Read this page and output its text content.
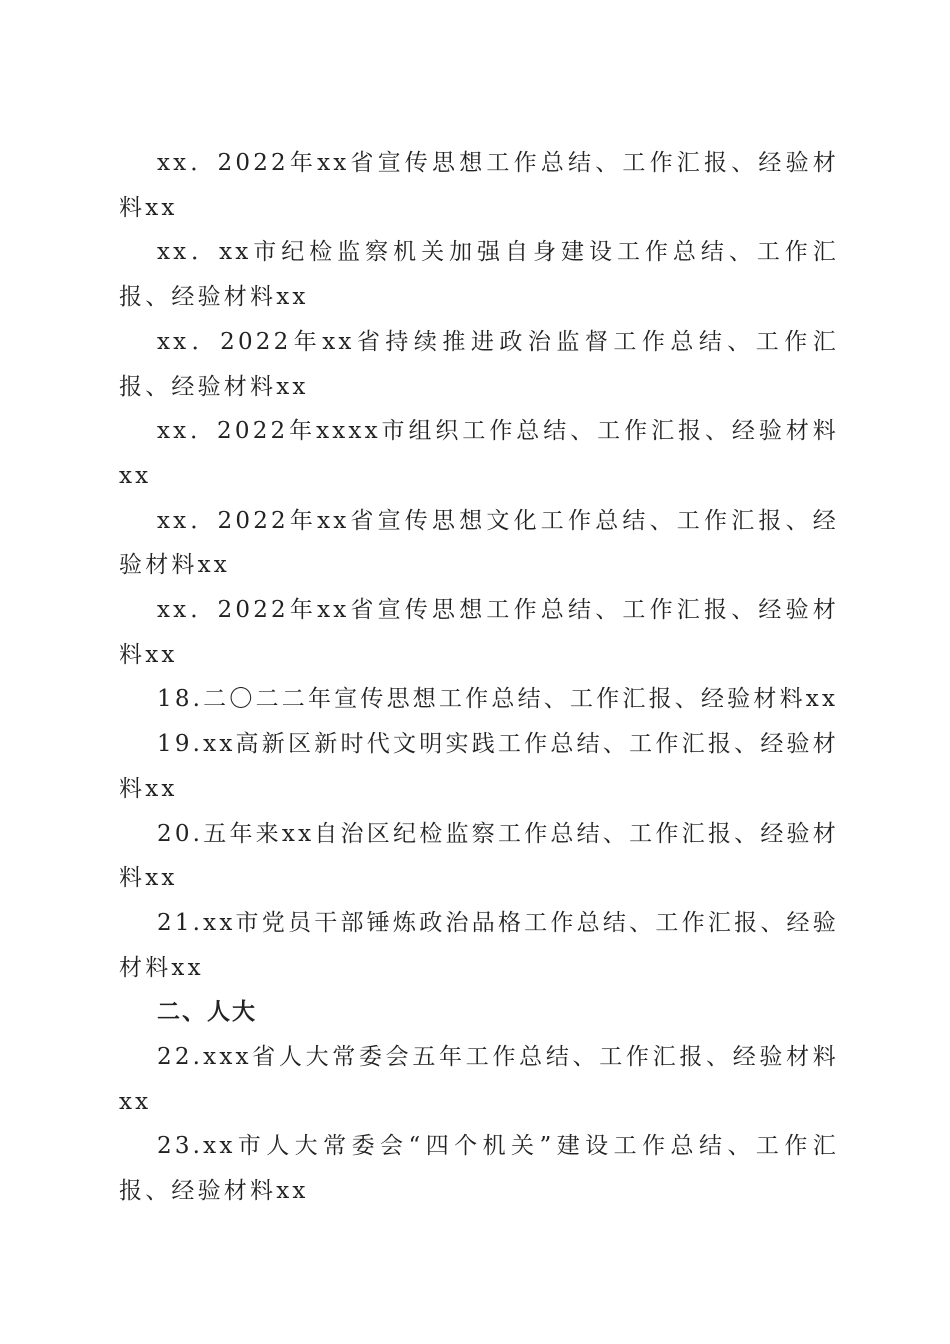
xx．2022年xx省宣传思想工作总结、工作汇报、经验材料xx

xx．xx市纪检监察机关加强自身建设工作总结、工作汇报、经验材料xx

xx．2022年xx省持续推进政治监督工作总结、工作汇报、经验材料xx

xx．2022年xxxx市组织工作总结、工作汇报、经验材料xx

xx．2022年xx省宣传思想文化工作总结、工作汇报、经验材料xx

xx．2022年xx省宣传思想工作总结、工作汇报、经验材料xx

18.二〇二二年宣传思想工作总结、工作汇报、经验材料xx

19.xx高新区新时代文明实践工作总结、工作汇报、经验材料xx

20.五年来xx自治区纪检监察工作总结、工作汇报、经验材料xx

21.xx市党员干部锤炼政治品格工作总结、工作汇报、经验材料xx

二、人大

22.xxx省人大常委会五年工作总结、工作汇报、经验材料xx

23.xx市人大常委会“四个机关”建设工作总结、工作汇报、经验材料xx
